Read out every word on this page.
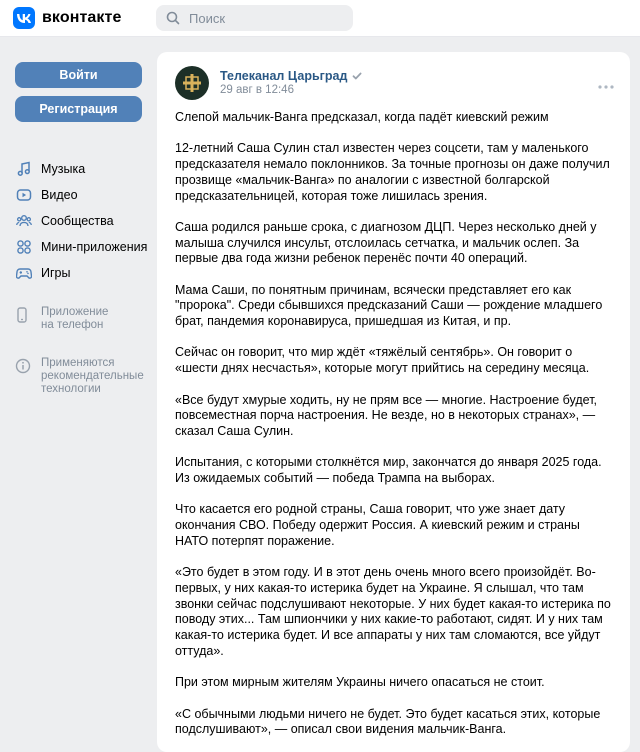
вконтакте
Поиск
Войти
Регистрация
Музыка
Видео
Сообщества
Мини-приложения
Игры
Приложение
на телефон
Применяются
рекомендательные
технологии
Телеканал Царьград
29 авг в 12:46

Слепой мальчик-Ванга предсказал, когда падёт киевский режим

12-летний Саша Сулин стал известен через соцсети, там у маленького предсказателя немало поклонников. За точные прогнозы он даже получил прозвище «мальчик-Ванга» по аналогии с известной болгарской предсказательницей, которая тоже лишилась зрения.

Саша родился раньше срока, с диагнозом ДЦП. Через несколько дней у малыша случился инсульт, отслоилась сетчатка, и мальчик ослеп. За первые два года жизни ребенок перенёс почти 40 операций.

Мама Саши, по понятным причинам, всячески представляет его как "пророка". Среди сбывшихся предсказаний Саши — рождение младшего брат, пандемия коронавируса, пришедшая из Китая, и пр.

Сейчас он говорит, что мир ждёт «тяжёлый сентябрь». Он говорит о «шести днях несчастья», которые могут прийтись на середину месяца.

«Все будут хмурые ходить, ну не прям все — многие. Настроение будет, повсеместная порча настроения. Не везде, но в некоторых странах», — сказал Саша Сулин.

Испытания, с которыми столкнётся мир, закончатся до января 2025 года. Из ожидаемых событий — победа Трампа на выборах.

Что касается его родной страны, Саша говорит, что уже знает дату окончания СВО. Победу одержит Россия. А киевский режим и страны НАТО потерпят поражение.

«Это будет в этом году. И в этот день очень много всего произойдёт. Во-первых, у них какая-то истерика будет на Украине. Я слышал, что там звонки сейчас подслушивают некоторые. У них будет какая-то истерика по поводу этих... Там шпиончики у них какие-то работают, сидят. И у них там какая-то истерика будет. И все аппараты у них там сломаются, все уйдут оттуда».

При этом мирным жителям Украины ничего опасаться не стоит.

«С обычными людьми ничего не будет. Это будет касаться этих, которые подслушивают», — описал свои видения мальчик-Ванга.
